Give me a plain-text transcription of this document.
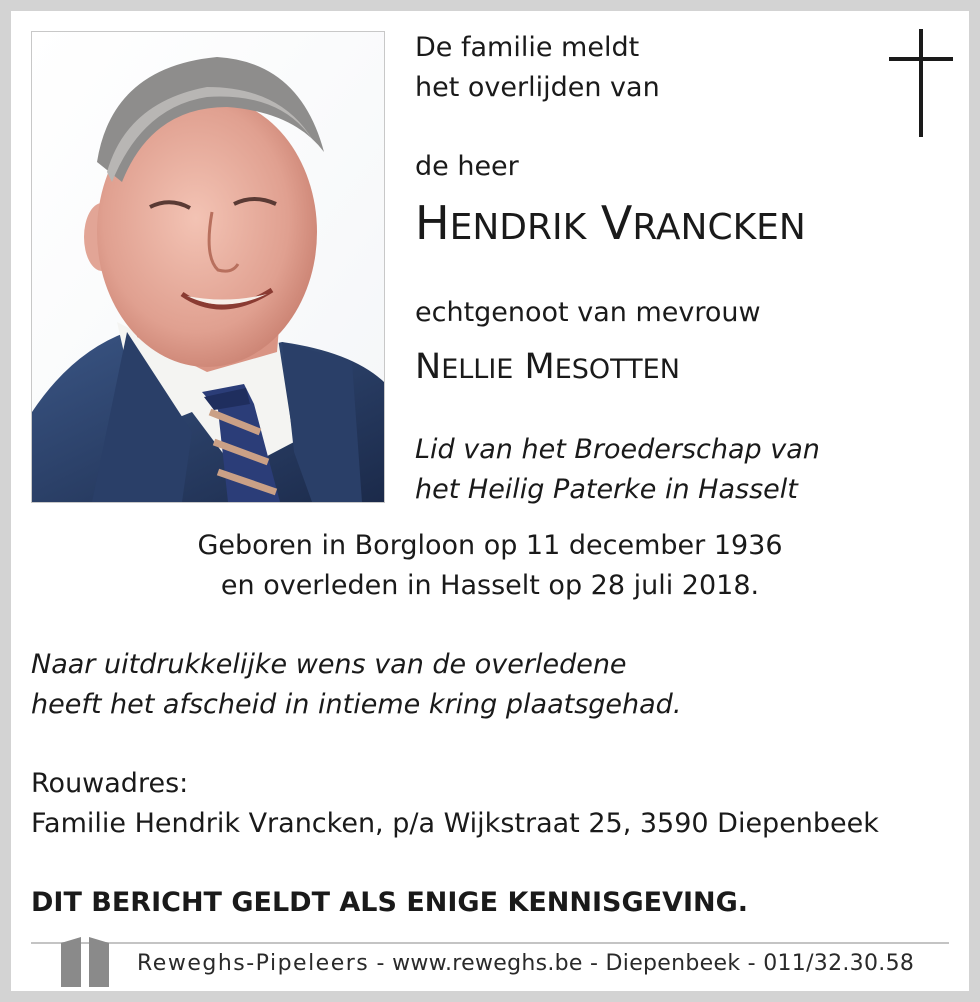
De familie meldt
het overlijden van
de heer
HENDRIK VRANCKEN
echtgenoot van mevrouw
NELLIE MESOTTEN
Lid van het Broederschap van
het Heilig Paterke in Hasselt
Geboren in Borgloon op 11 december 1936
en overleden in Hasselt op 28 juli 2018.
Naar uitdrukkelijke wens van de overledene
heeft het afscheid in intieme kring plaatsgehad.
Rouwadres:
Familie Hendrik Vrancken, p/a Wijkstraat 25, 3590 Diepenbeek
DIT BERICHT GELDT ALS ENIGE KENNISGEVING.
Reweghs-Pipeleers - www.reweghs.be - Diepenbeek - 011/32.30.58
